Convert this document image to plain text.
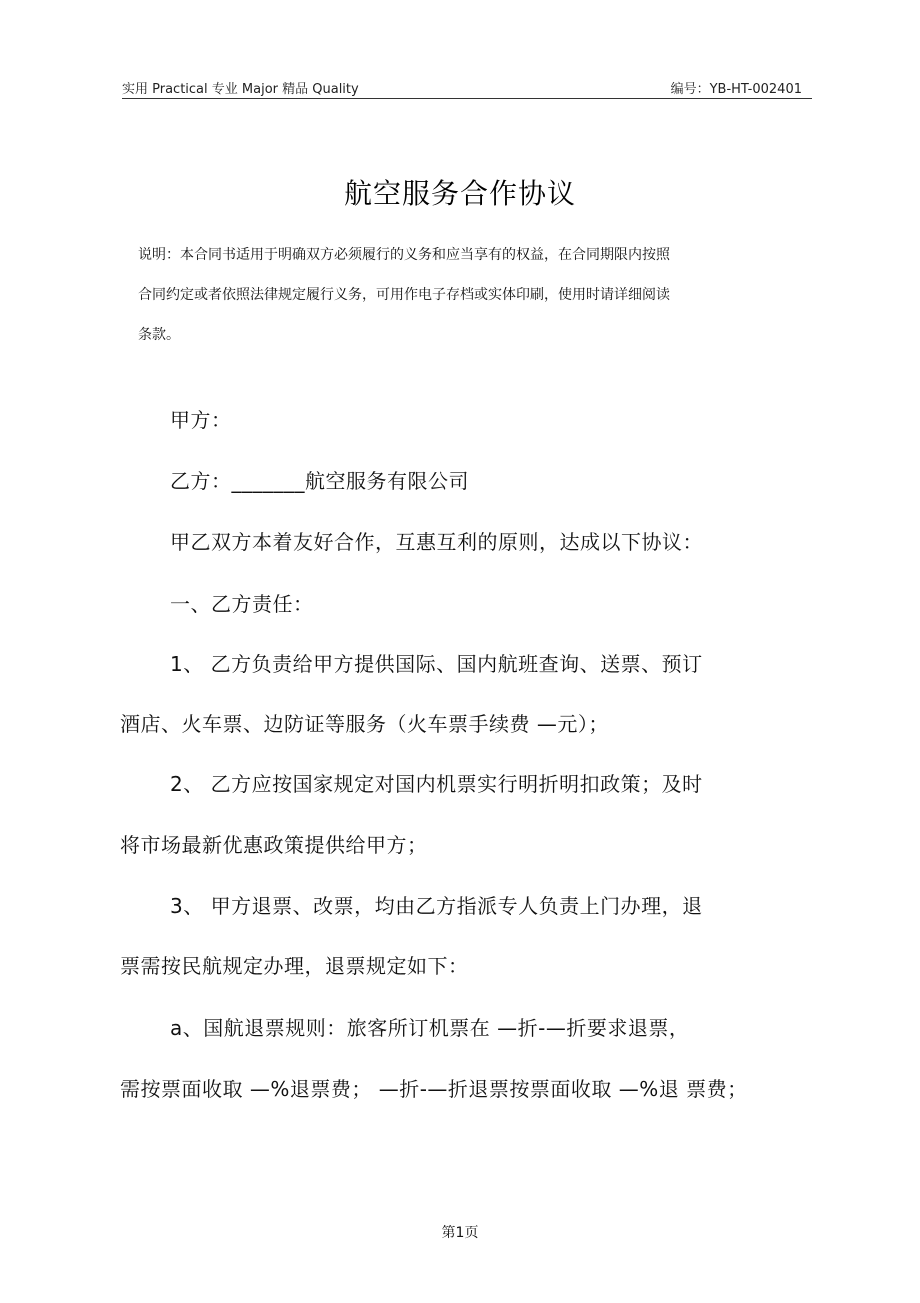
实用 Practical 专业 Major 精品 Quality	编号：YB-HT-002401
航空服务合作协议
说明：本合同书适用于明确双方必须履行的义务和应当享有的权益，在合同期限内按照
合同约定或者依照法律规定履行义务，可用作电子存档或实体印刷，使用时请详细阅读
条款。
甲方：
乙方：_______航空服务有限公司
甲乙双方本着友好合作，互惠互利的原则，达成以下协议：
一、乙方责任：
1、 乙方负责给甲方提供国际、国内航班查询、送票、预订
酒店、火车票、边防证等服务（火车票手续费 —元）；
2、 乙方应按国家规定对国内机票实行明折明扣政策；及时
将市场最新优惠政策提供给甲方；
3、 甲方退票、改票，均由乙方指派专人负责上门办理，退
票需按民航规定办理，退票规定如下：
a、国航退票规则：旅客所订机票在 —折-—折要求退票，
需按票面收取 —%退票费； —折-—折退票按票面收取 —%退 票费；
第1页
